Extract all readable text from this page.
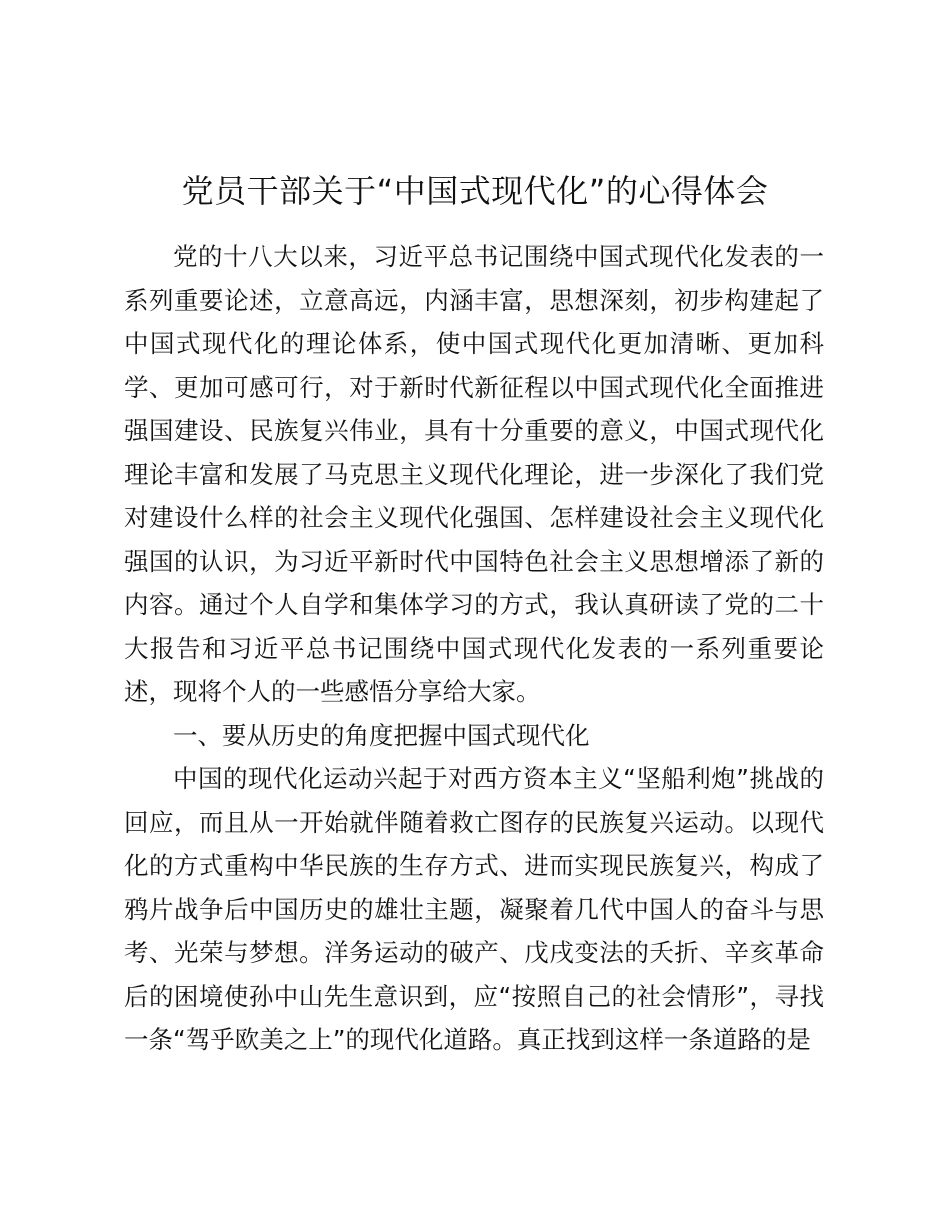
党员干部关于“中国式现代化”的心得体会

党的十八大以来，习近平总书记围绕中国式现代化发表的一系列重要论述，立意高远，内涵丰富，思想深刻，初步构建起了中国式现代化的理论体系，使中国式现代化更加清晰、更加科学、更加可感可行，对于新时代新征程以中国式现代化全面推进强国建设、民族复兴伟业，具有十分重要的意义，中国式现代化理论丰富和发展了马克思主义现代化理论，进一步深化了我们党对建设什么样的社会主义现代化强国、怎样建设社会主义现代化强国的认识，为习近平新时代中国特色社会主义思想增添了新的内容。通过个人自学和集体学习的方式，我认真研读了党的二十大报告和习近平总书记围绕中国式现代化发表的一系列重要论述，现将个人的一些感悟分享给大家。

一、要从历史的角度把握中国式现代化

中国的现代化运动兴起于对西方资本主义“坚船利炮”挑战的回应，而且从一开始就伴随着救亡图存的民族复兴运动。以现代化的方式重构中华民族的生存方式、进而实现民族复兴，构成了鸦片战争后中国历史的雄壮主题，凝聚着几代中国人的奋斗与思考、光荣与梦想。洋务运动的破产、戊戌变法的夭折、辛亥革命后的困境使孙中山先生意识到，应“按照自己的社会情形”，寻找一条“驾乎欧美之上”的现代化道路。真正找到这样一条道路的是
